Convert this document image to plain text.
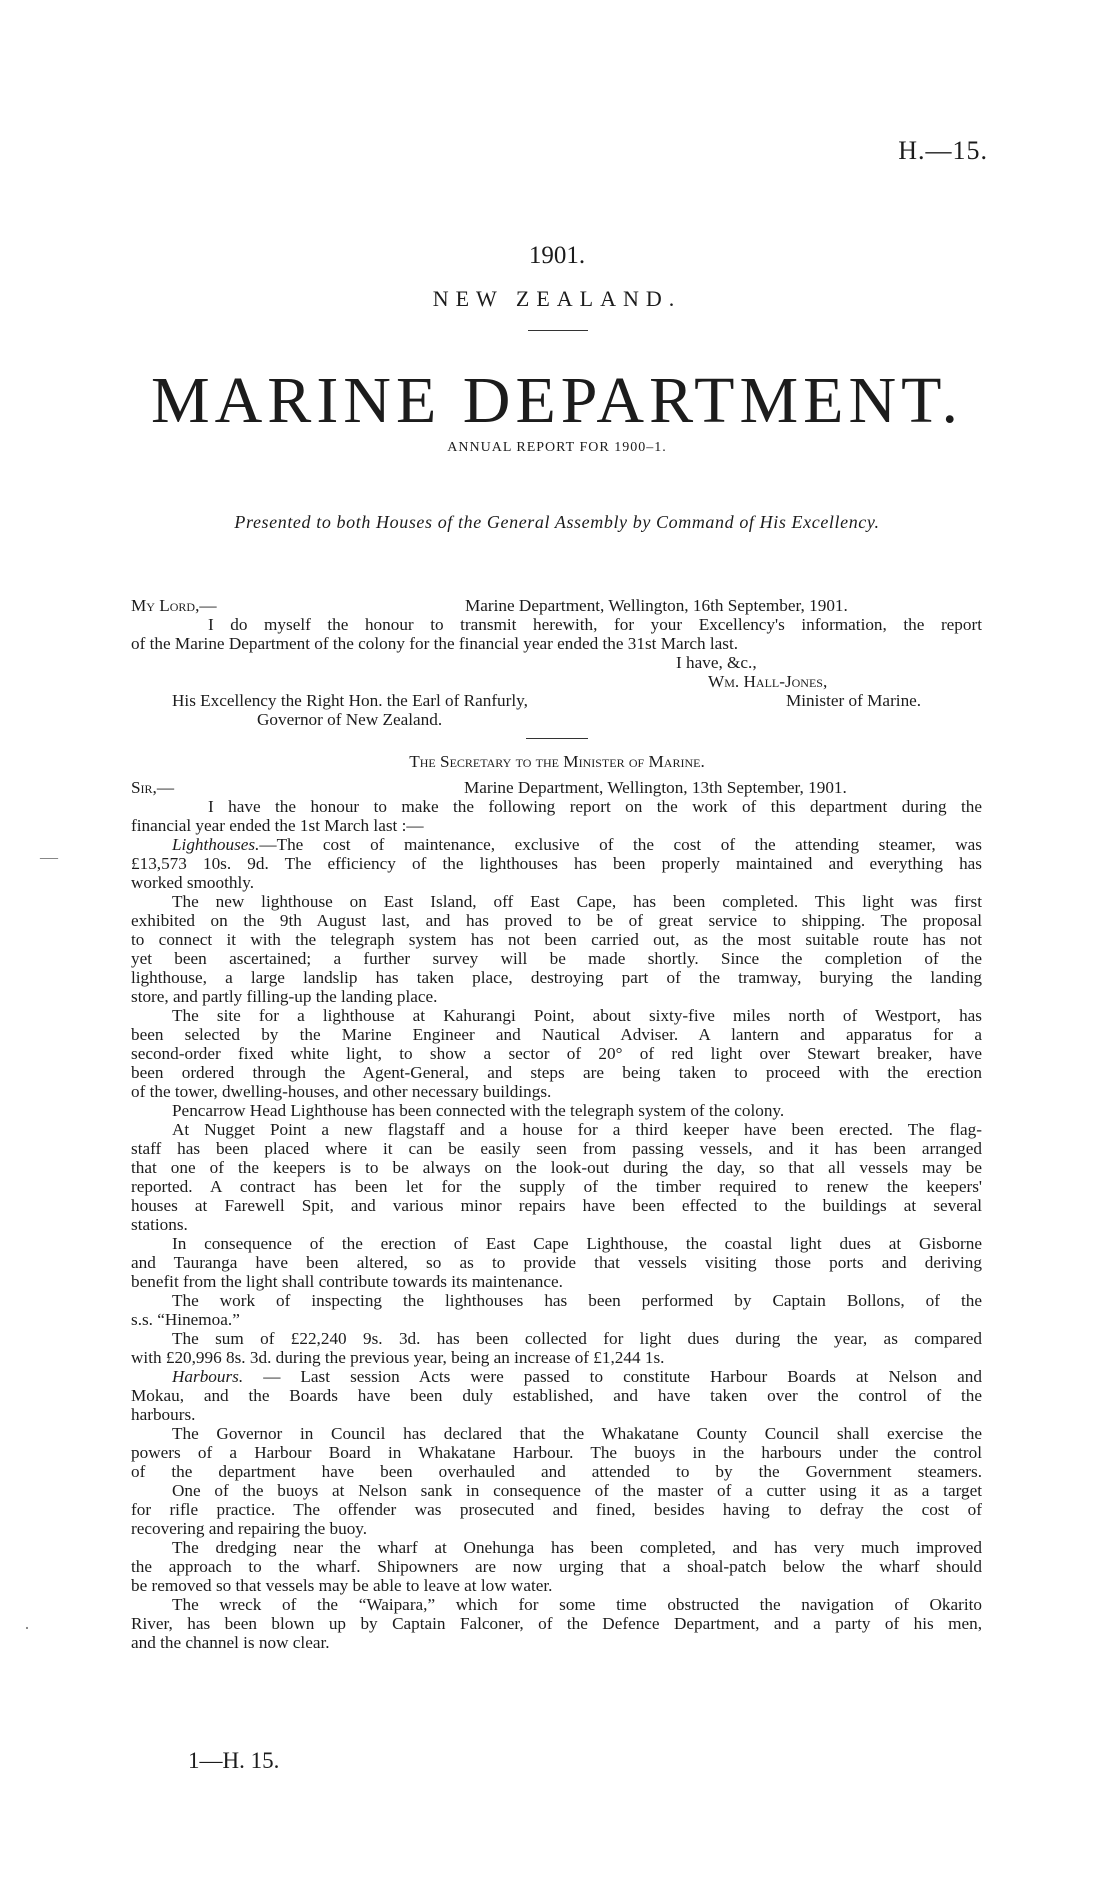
H.—15.
1901.
NEW ZEALAND.
MARINE DEPARTMENT.
ANNUAL REPORT FOR 1900–1.
Presented to both Houses of the General Assembly by Command of His Excellency.
My Lord,—	Marine Department, Wellington, 16th September, 1901.
I do myself the honour to transmit herewith, for your Excellency's information, the report
of the Marine Department of the colony for the financial year ended the 31st March last.
I have, &c.,
Wm. Hall-Jones,
His Excellency the Right Hon. the Earl of Ranfurly,	Minister of Marine.
Governor of New Zealand.
The Secretary to the Minister of Marine.
Sir,—	Marine Department, Wellington, 13th September, 1901.
I have the honour to make the following report on the work of this department during the
financial year ended the 1st March last :—
Lighthouses.—The cost of maintenance, exclusive of the cost of the attending steamer, was
£13,573 10s. 9d. The efficiency of the lighthouses has been properly maintained and everything has
worked smoothly.
The new lighthouse on East Island, off East Cape, has been completed. This light was first
exhibited on the 9th August last, and has proved to be of great service to shipping. The proposal
to connect it with the telegraph system has not been carried out, as the most suitable route has not
yet been ascertained; a further survey will be made shortly. Since the completion of the
lighthouse, a large landslip has taken place, destroying part of the tramway, burying the landing
store, and partly filling-up the landing place.
The site for a lighthouse at Kahurangi Point, about sixty-five miles north of Westport, has
been selected by the Marine Engineer and Nautical Adviser. A lantern and apparatus for a
second-order fixed white light, to show a sector of 20° of red light over Stewart breaker, have
been ordered through the Agent-General, and steps are being taken to proceed with the erection
of the tower, dwelling-houses, and other necessary buildings.
Pencarrow Head Lighthouse has been connected with the telegraph system of the colony.
At Nugget Point a new flagstaff and a house for a third keeper have been erected. The flag-
staff has been placed where it can be easily seen from passing vessels, and it has been arranged
that one of the keepers is to be always on the look-out during the day, so that all vessels may be
reported. A contract has been let for the supply of the timber required to renew the keepers'
houses at Farewell Spit, and various minor repairs have been effected to the buildings at several
stations.
In consequence of the erection of East Cape Lighthouse, the coastal light dues at Gisborne
and Tauranga have been altered, so as to provide that vessels visiting those ports and deriving
benefit from the light shall contribute towards its maintenance.
The work of inspecting the lighthouses has been performed by Captain Bollons, of the
s.s. “Hinemoa.”
The sum of £22,240 9s. 3d. has been collected for light dues during the year, as compared
with £20,996 8s. 3d. during the previous year, being an increase of £1,244 1s.
Harbours. — Last session Acts were passed to constitute Harbour Boards at Nelson and
Mokau, and the Boards have been duly established, and have taken over the control of the
harbours.
The Governor in Council has declared that the Whakatane County Council shall exercise the
powers of a Harbour Board in Whakatane Harbour. The buoys in the harbours under the control
of the department have been overhauled and attended to by the Government steamers.
One of the buoys at Nelson sank in consequence of the master of a cutter using it as a target
for rifle practice. The offender was prosecuted and fined, besides having to defray the cost of
recovering and repairing the buoy.
The dredging near the wharf at Onehunga has been completed, and has very much improved
the approach to the wharf. Shipowners are now urging that a shoal-patch below the wharf should
be removed so that vessels may be able to leave at low water.
The wreck of the “Waipara,” which for some time obstructed the navigation of Okarito
River, has been blown up by Captain Falconer, of the Defence Department, and a party of his men,
and the channel is now clear.
—
·
1—H. 15.
